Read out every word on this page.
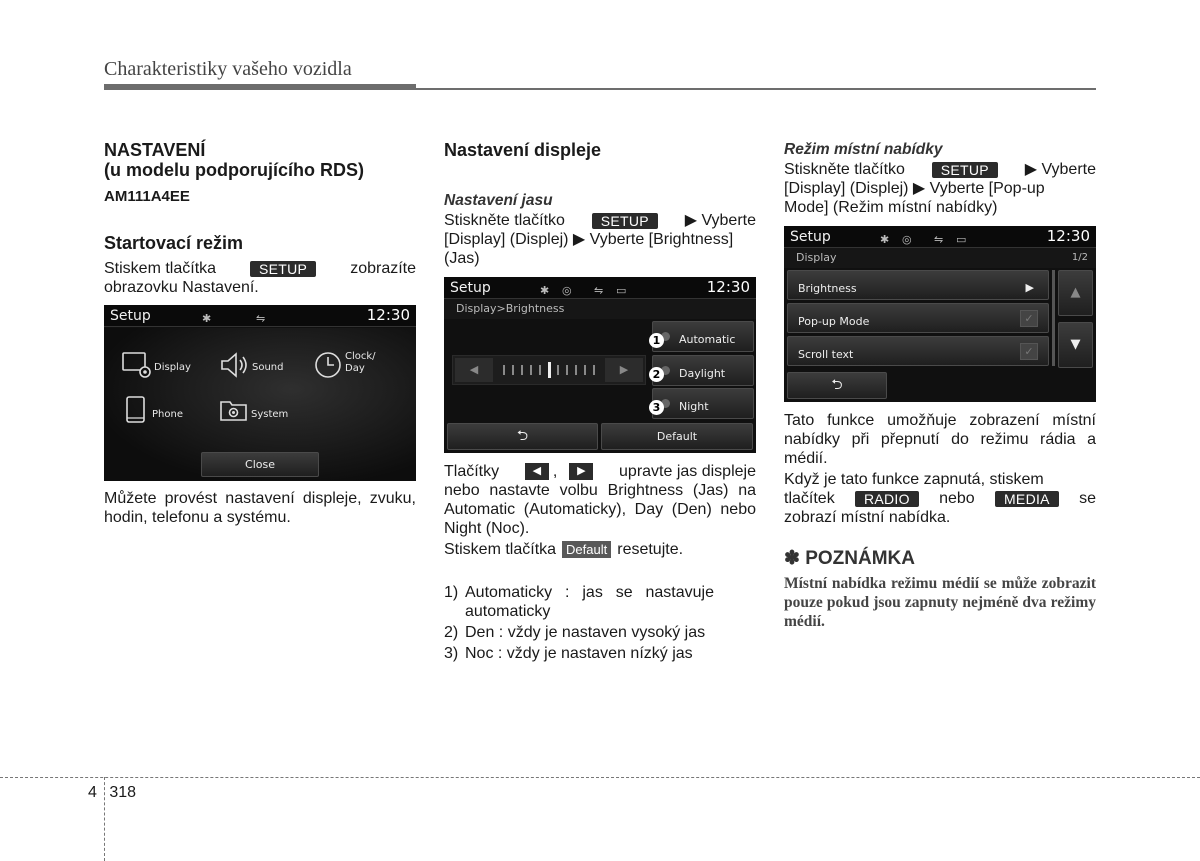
Charakteristiky vašeho vozidla
NASTAVENÍ
(u modelu podporujícího RDS)
AM111A4EE
Startovací režim
Stiskem tlačítka	SETUP	zobrazíte
obrazovku Nastavení.
Setup	✱	⇋	12:30
Display	Sound
Clock/
Day
Phone	System
Close
Můžete provést nastavení displeje, zvuku, hodin, telefonu a systému.
Nastavení displeje
Nastavení jasu
Stiskněte tlačítko	SETUP	▶ Vyberte
[Display] (Displej) ▶ Vyberte [Brightness]
(Jas)
Setup	✱ ◎ ⇋ ▭	12:30
Display>Brightness
◀	▶
Automatic
Daylight
Night
1
2
3
⮌	Default
Tlačítky	◀ ,	▶	upravte jas displeje
nebo nastavte volbu Brightness (Jas) na Automatic (Automaticky), Day (Den) nebo Night (Noc).
Stiskem tlačítka Default resetujte.
1) Automaticky  :  jas  se  nastavuje
automaticky
2) Den : vždy je nastaven vysoký jas
3) Noc : vždy je nastaven nízký jas
Režim místní nabídky
Stiskněte tlačítko	SETUP	▶ Vyberte
[Display] (Displej) ▶ Vyberte [Pop-up
Mode] (Režim místní nabídky)
Setup	✱ ◎ ⇋ ▭	12:30
Display	1/2
Brightness	▶
Pop-up Mode	✓
Scroll text	✓
▲
▼
⮌
Tato funkce umožňuje zobrazení místní nabídky při přepnutí do režimu rádia a médií.
Když je tato funkce zapnutá, stiskem
tlačítek	RADIO	nebo	MEDIA	se
zobrazí místní nabídka.
✽ POZNÁMKA
Místní nabídka režimu médií se může zobrazit pouze pokud jsou zapnuty nejméně dva režimy médií.
4 318
